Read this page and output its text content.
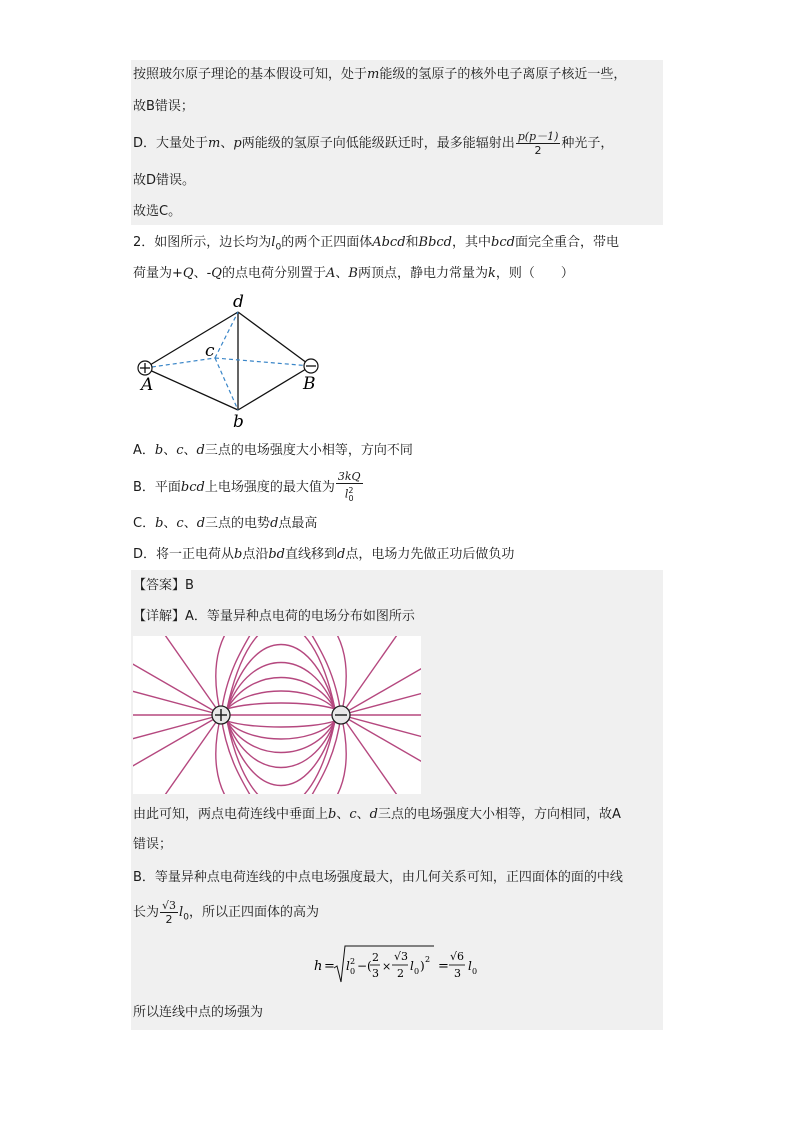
按照玻尔原子理论的基本假设可知，处于m能级的氢原子的核外电子离原子核近一些，
故B错误；
D．大量处于m、p两能级的氢原子向低能级跃迁时，最多能辐射出 $\frac{p(p-1)}{2}$ 种光子，
故D错误。
故选C。
2．如图所示，边长均为$l_0$的两个正四面体Abcd和Bbcd，其中bcd面完全重合，带电
荷量为+Q、-Q的点电荷分别置于A、B两顶点，静电力常量为k，则（　　）
d
c
A	B
b
A．b、c、d三点的电场强度大小相等，方向不同
B．平面bcd上电场强度的最大值为 $\frac{3kQ}{l^2_0}$
C．b、c、d三点的电势d点最高
D．将一正电荷从b点沿bd直线移到d点，电场力先做正功后做负功
【答案】B
【详解】A．等量异种点电荷的电场分布如图所示
由此可知，两点电荷连线中垂面上b、c、d三点的电场强度大小相等，方向相同，故A
错误；
B．等量异种点电荷连线的中点电场强度最大，由几何关系可知，正四面体的面的中线
长为 $\frac{√3}{2} l_0$，所以正四面体的高为
h = l 2
0 −(
2
3
×
√3
2
l 0 ) 2 =
√6
3
l 0
所以连线中点的场强为
